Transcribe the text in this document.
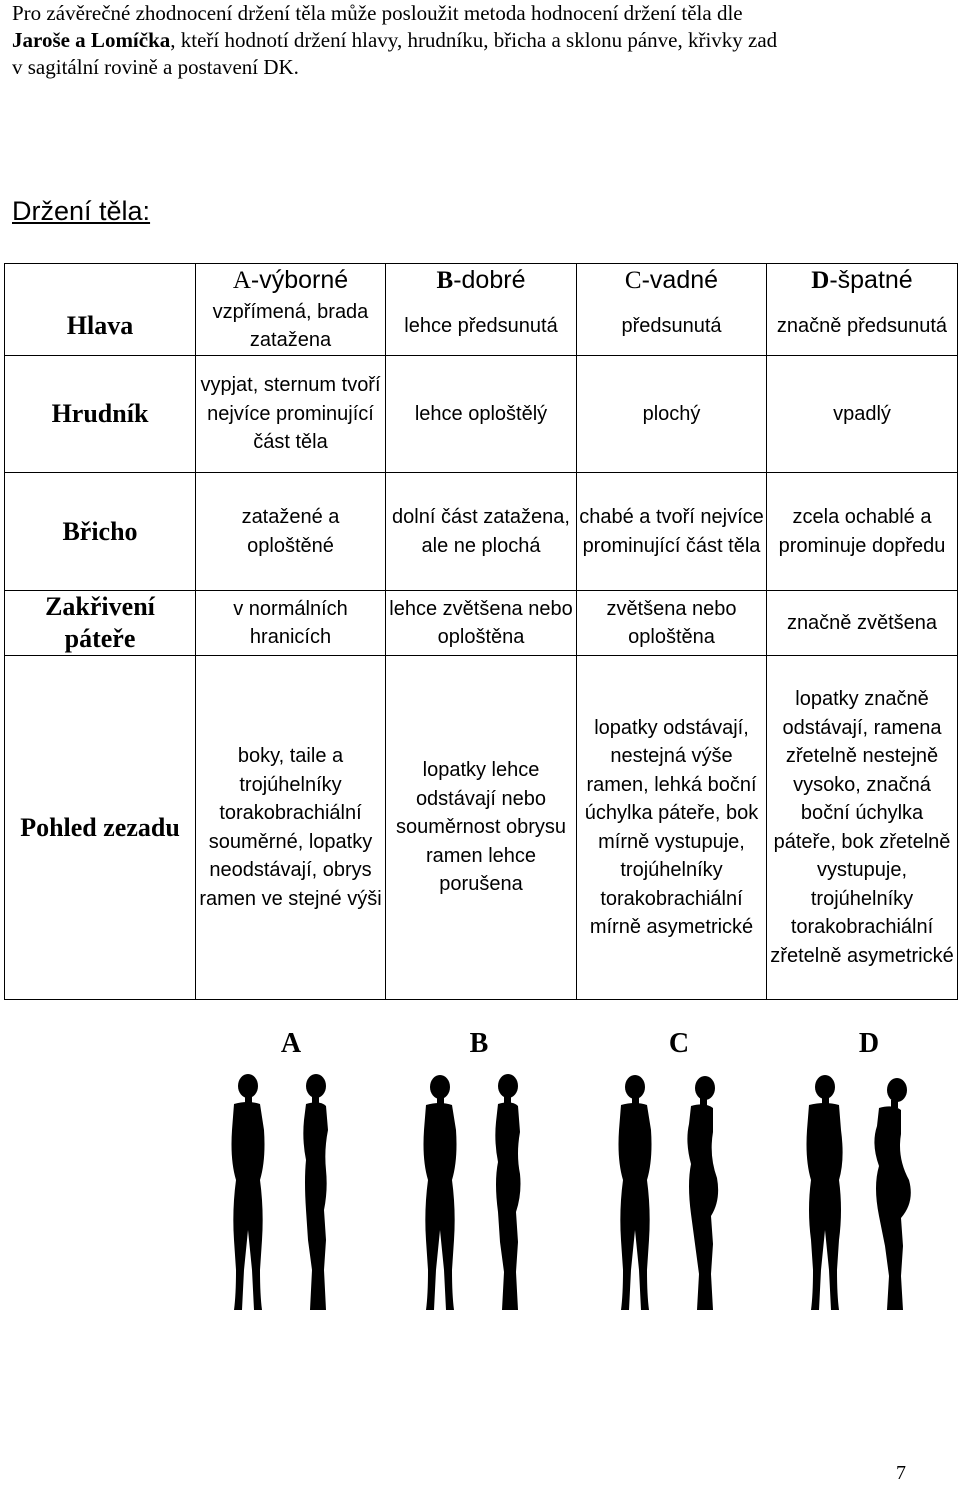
Pro závěrečné zhodnocení držení těla může posloužit metoda hodnocení držení těla dle
Jaroše a Lomíčka, kteří hodnotí držení hlavy, hrudníku, břicha a sklonu pánve, křivky zad
v sagitální rovině a postavení DK.
Držení těla:
	A-výborné	B-dobré	C-vadné	D-špatné
Hlava	vzpřímená, brada zatažena	lehce předsunutá	předsunutá	značně předsunutá
Hrudník	vypjat, sternum tvoří nejvíce prominující část těla	lehce oploštělý	plochý	vpadlý
Břicho	zatažené a oploštěné	dolní část zatažena, ale ne plochá	chabé a tvoří nejvíce prominující část těla	zcela ochablé a prominuje dopředu
Zakřivení páteře	v normálních hranicích	lehce zvětšena nebo oploštěna	zvětšena nebo oploštěna	značně zvětšena
Pohled zezadu	boky, taile a trojúhelníky torakobrachiální souměrné, lopatky neodstávají, obrys ramen ve stejné výši	lopatky lehce odstávají nebo souměrnost obrysu ramen lehce porušena	lopatky odstávají, nestejná výše ramen, lehká boční úchylka páteře, bok mírně vystupuje, trojúhelníky torakobrachiální mírně asymetrické	lopatky značně odstávají, ramena zřetelně nestejně vysoko, značná boční úchylka páteře, bok zřetelně vystupuje, trojúhelníky torakobrachiální zřetelně asymetrické
A	B	C	D
7
